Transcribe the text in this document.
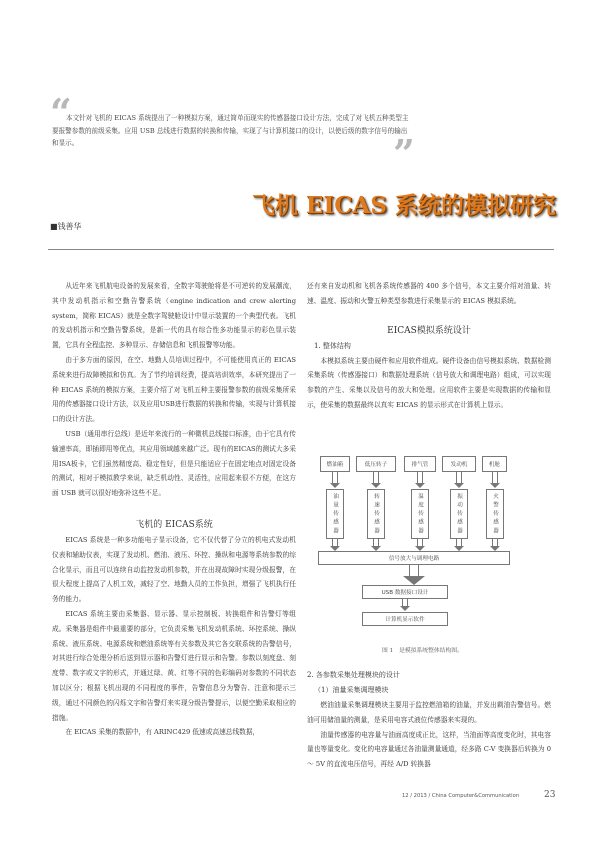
“
本文针对飞机的 EICAS 系统提出了一种模拟方案，通过简单而现实的传感器接口设计方法，完成了对飞机五种类型主要报警参数的前级采集。应用 USB 总线进行数据的转换和传输，实现了与计算机接口的设计，以使后级的数字信号的输出和显示。	”
飞机 EICAS 系统的模拟研究
■钱善华

从近年来飞机航电设备的发展来看，全数字驾驶舱将是不可逆转的发展潮流，其中发动机指示和空勤告警系统（engine indication and crew alerting system，简称 EICAS）就是全数字驾驶舱设计中显示装置的一个典型代表。飞机的发动机指示和空勤告警系统，是新一代的具有综合性多功能显示的彩色显示装置，它具有全程监控、多种显示、存储信息和飞机报警等功能。

由于多方面的原因，在空、地勤人员培训过程中，不可能使用真正的 EICAS 系统来进行故障模拟和仿真。为了节约培训经费，提高培训效率，本研究提出了一种 EICAS 系统的模拟方案，主要介绍了对飞机五种主要报警参数的前级采集所采用的传感器接口设计方法，以及应用USB进行数据的转换和传输，实现与计算机接口的设计方法。

USB（通用串行总线）是近年来流行的一种微机总线接口标准，由于它具有传输速率高，即插即用等优点，其应用领域越来越广泛。现有的EICAS的测试大多采用ISA板卡，它们虽然精度高、稳定性好，但是只能适应于在固定地点对固定设备的测试，相对于模拟教学来说，缺乏机动性、灵活性，应用起来很不方便，在这方面 USB 就可以很好地弥补这些不足。

飞机的 EICAS系统

EICAS 系统是一种多功能电子显示设备，它不仅代替了分立的机电式发动机仪表和辅助仪表，实现了发动机、燃油、液压、环控、操纵和电源等系统参数的综合化显示，而且可以连续自动监控发动机参数，并在出现故障时实现分级报警，在很大程度上提高了人机工效，减轻了空、地勤人员的工作负担，增强了飞机执行任务的能力。

EICAS 系统主要由采集器、显示器、显示控制板、转换组件和告警灯等组成。采集器是组件中最重要的部分，它负责采集飞机发动机系统、环控系统、操纵系统、液压系统、电源系统和燃油系统等有关参数及其它各交联系统的告警信号，对其进行综合处理分析后送到显示器和告警灯进行显示和告警。参数以刻度盘、刻度带、数字或文字的形式，并通过绿、黄、红等不同的色彩编码对参数的不同状态加以区分；根据飞机出现的不同程度的事件，告警信息分为警告、注意和提示三级，通过不同颜色的闪烁文字和告警灯来实现分级告警提示，以便空勤采取相应的措施。

在 EICAS 采集的数据中，有 ARINC429 低速或高速总线数据，

还有来自发动机和飞机各系统传感器的 400 多个信号，本文主要介绍对油量、转速、温度、振动和火警五种类型参数进行采集显示的 EICAS 模拟系统。

EICAS模拟系统设计
1. 整体结构

本模拟系统主要由硬件和应用软件组成。硬件设备由信号模拟系统、数据检测采集系统（传感器接口）和数据处理系统（信号放大和调理电路）组成，可以实现参数的产生、采集以及信号的放大和处理。应用软件主要是实现数据的传输和显示，使采集的数据最终以真实 EICAS 的显示形式在计算机上显示。

燃油箱	低压转子	排气管	发动机	机舱
油量传感器	转速传感器	温度传感器	振动传感器	火警传感器
信号放大与调理电路
USB 数据接口设计
计算机显示软件
图 1　是模拟系统整体结构图。
2. 各参数采集处理模块的设计
（1）油量采集调理模块

燃油油量采集调理模块主要用于监控燃油箱的油量，并发出剩油告警信号。燃油可用储油量的测量，是采用电容式液位传感器来实现的。

油量传感器的电容量与油面高度成正比，这样，当油面等高度变化时，其电容量也等量变化。变化的电容量通过各油量测量通道，经多路 C-V 变换器后转换为 0 ～ 5V 的直流电压信号，再经 A/D 转换器

12 / 2013 / China Computer&Communication	23
